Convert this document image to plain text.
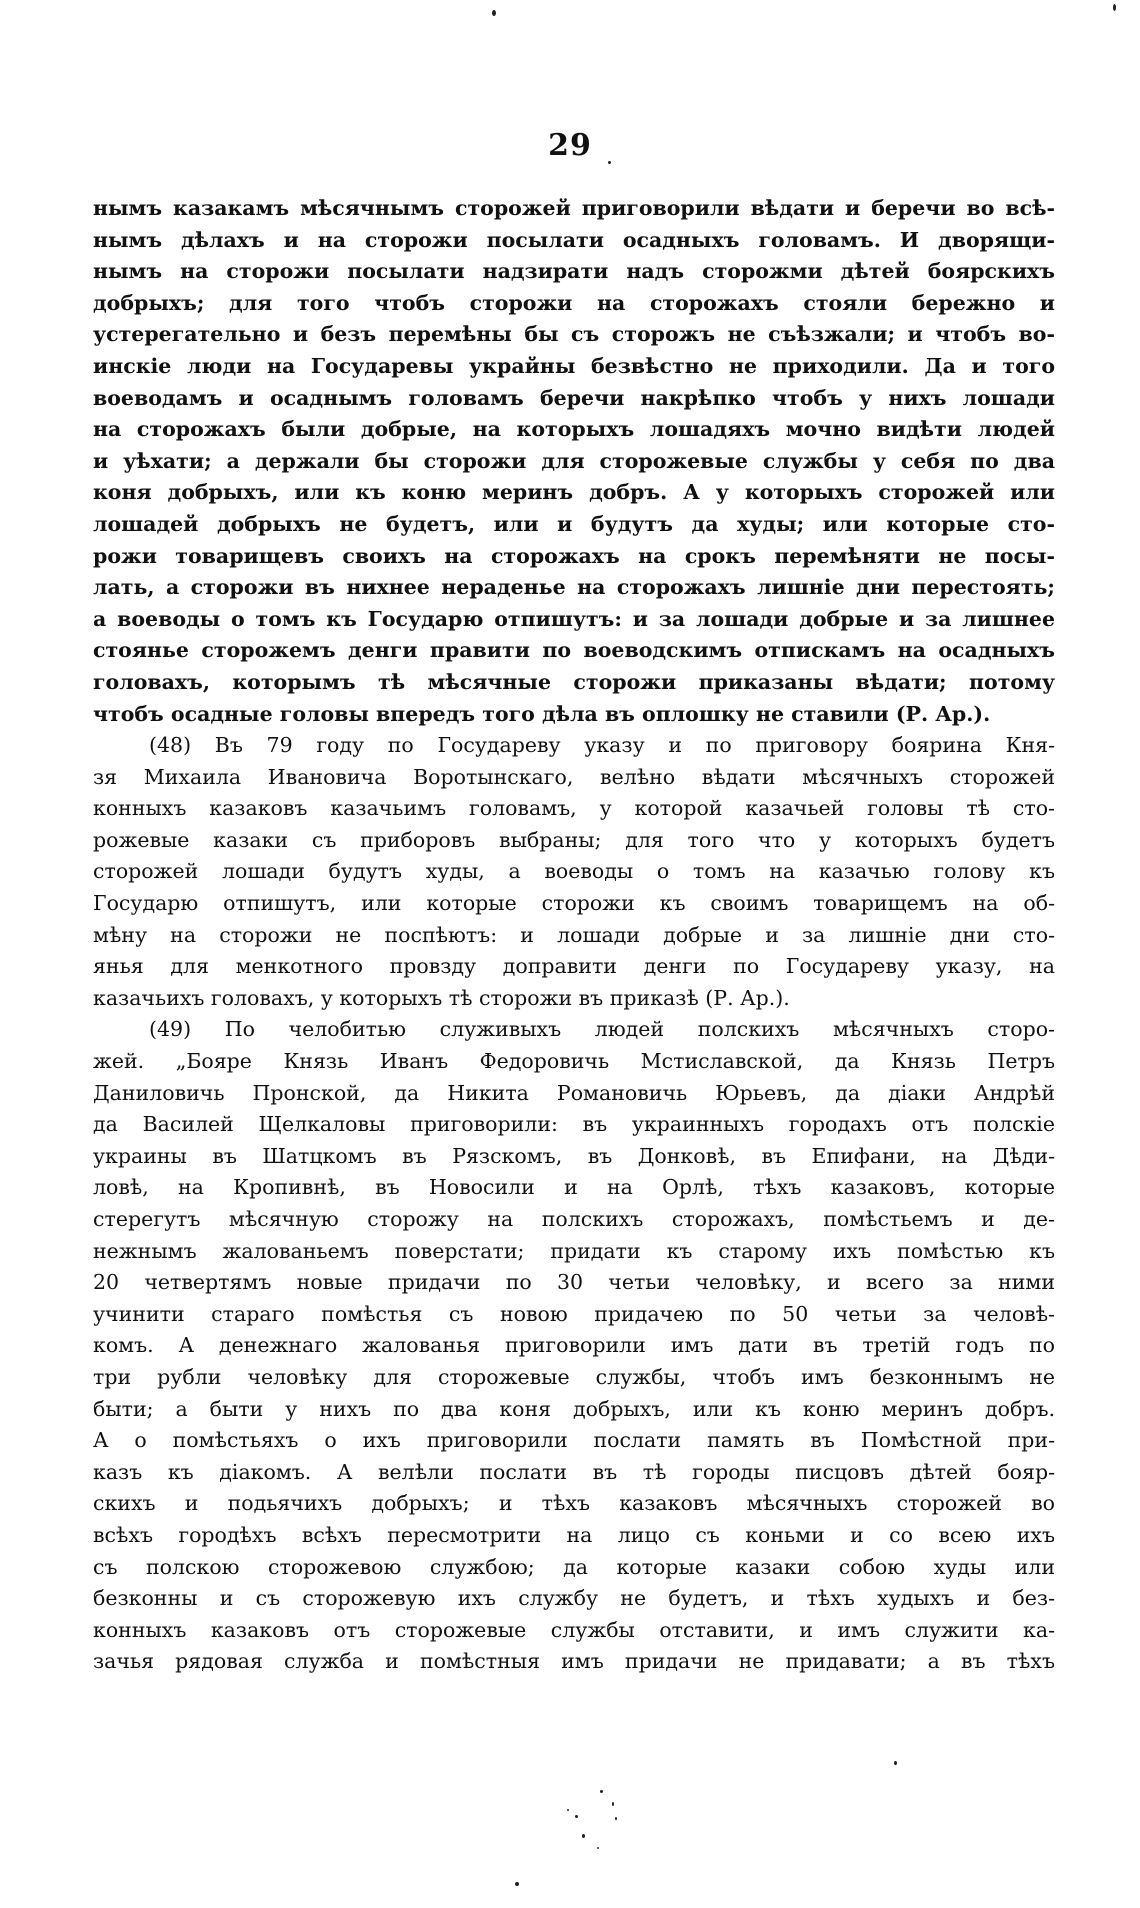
29
нымъ казакамъ мѣсячнымъ сторожей приговорили вѣдати и беречи во всѣ-
нымъ дѣлахъ и на сторожи посылати осадныхъ головамъ. И дворящи-
нымъ на сторожи посылати надзирати надъ сторожми дѣтей боярскихъ
добрыхъ; для того чтобъ сторожи на сторожахъ стояли бережно и
устерегательно и безъ перемѣны бы съ сторожъ не съѣзжали; и чтобъ во-
инскіе люди на Государевы украйны безвѣстно не приходили. Да и того
воеводамъ и осаднымъ головамъ беречи накрѣпко чтобъ у нихъ лошади
на сторожахъ были добрые, на которыхъ лошадяхъ мочно видѣти людей
и уѣхати; а держали бы сторожи для сторожевые службы у себя по два
коня добрыхъ, или къ коню меринъ добръ. А у которыхъ сторожей или
лошадей добрыхъ не будетъ, или и будутъ да худы; или которые сто-
рожи товарищевъ своихъ на сторожахъ на срокъ перемѣняти не посы-
лать, а сторожи въ нихнее нераденье на сторожахъ лишніе дни перестоять;
а воеводы о томъ къ Государю отпишутъ: и за лошади добрые и за лишнее
стоянье сторожемъ денги правити по воеводскимъ отпискамъ на осадныхъ
головахъ, которымъ тѣ мѣсячные сторожи приказаны вѣдати; потому
чтобъ осадные головы впередъ того дѣла въ оплошку не ставили (Р. Ар.).
(48) Въ 79 году по Государеву указу и по приговору боярина Кня-
зя Михаила Ивановича Воротынскаго, велѣно вѣдати мѣсячныхъ сторожей
конныхъ казаковъ казачьимъ головамъ, у которой казачьей головы тѣ сто-
рожевые казаки съ приборовъ выбраны; для того что у которыхъ будетъ
сторожей лошади будутъ худы, а воеводы о томъ на казачью голову къ
Государю отпишутъ, или которые сторожи къ своимъ товарищемъ на об-
мѣну на сторожи не поспѣютъ: и лошади добрые и за лишніе дни сто-
янья для менкотного провзду доправити денги по Государеву указу, на
казачьихъ головахъ, у которыхъ тѣ сторожи въ приказѣ (Р. Ар.).
(49) По челобитью служивыхъ людей полскихъ мѣсячныхъ сторо-
жей. „Бояре Князь Иванъ Федоровичь Мстиславской, да Князь Петръ
Даниловичь Пронской, да Никита Романовичь Юрьевъ, да діаки Андрѣй
да Василей Щелкаловы приговорили: въ украинныхъ городахъ отъ полскіе
украины въ Шатцкомъ въ Рязскомъ, въ Донковѣ, въ Епифани, на Дѣди-
ловѣ, на Кропивнѣ, въ Новосили и на Орлѣ, тѣхъ казаковъ, которые
стерегутъ мѣсячную сторожу на полскихъ сторожахъ, помѣстьемъ и де-
нежнымъ жалованьемъ поверстати; придати къ старому ихъ помѣстью къ
20 четвертямъ новые придачи по 30 четьи человѣку, и всего за ними
учинити стараго помѣстья съ новою придачею по 50 четьи за человѣ-
комъ. А денежнаго жалованья приговорили имъ дати въ третій годъ по
три рубли человѣку для сторожевые службы, чтобъ имъ безконнымъ не
быти; а быти у нихъ по два коня добрыхъ, или къ коню меринъ добръ.
А о помѣстьяхъ о ихъ приговорили послати память въ Помѣстной при-
казъ къ діакомъ. А велѣли послати въ тѣ городы писцовъ дѣтей бояр-
скихъ и подьячихъ добрыхъ; и тѣхъ казаковъ мѣсячныхъ сторожей во
всѣхъ городѣхъ всѣхъ пересмотрити на лицо съ коньми и со всею ихъ
съ полскою сторожевою службою; да которые казаки собою худы или
безконны и съ сторожевую ихъ службу не будетъ, и тѣхъ худыхъ и без-
конныхъ казаковъ отъ сторожевые службы отставити, и имъ служити ка-
зачья рядовая служба и помѣстныя имъ придачи не придавати; а въ тѣхъ
